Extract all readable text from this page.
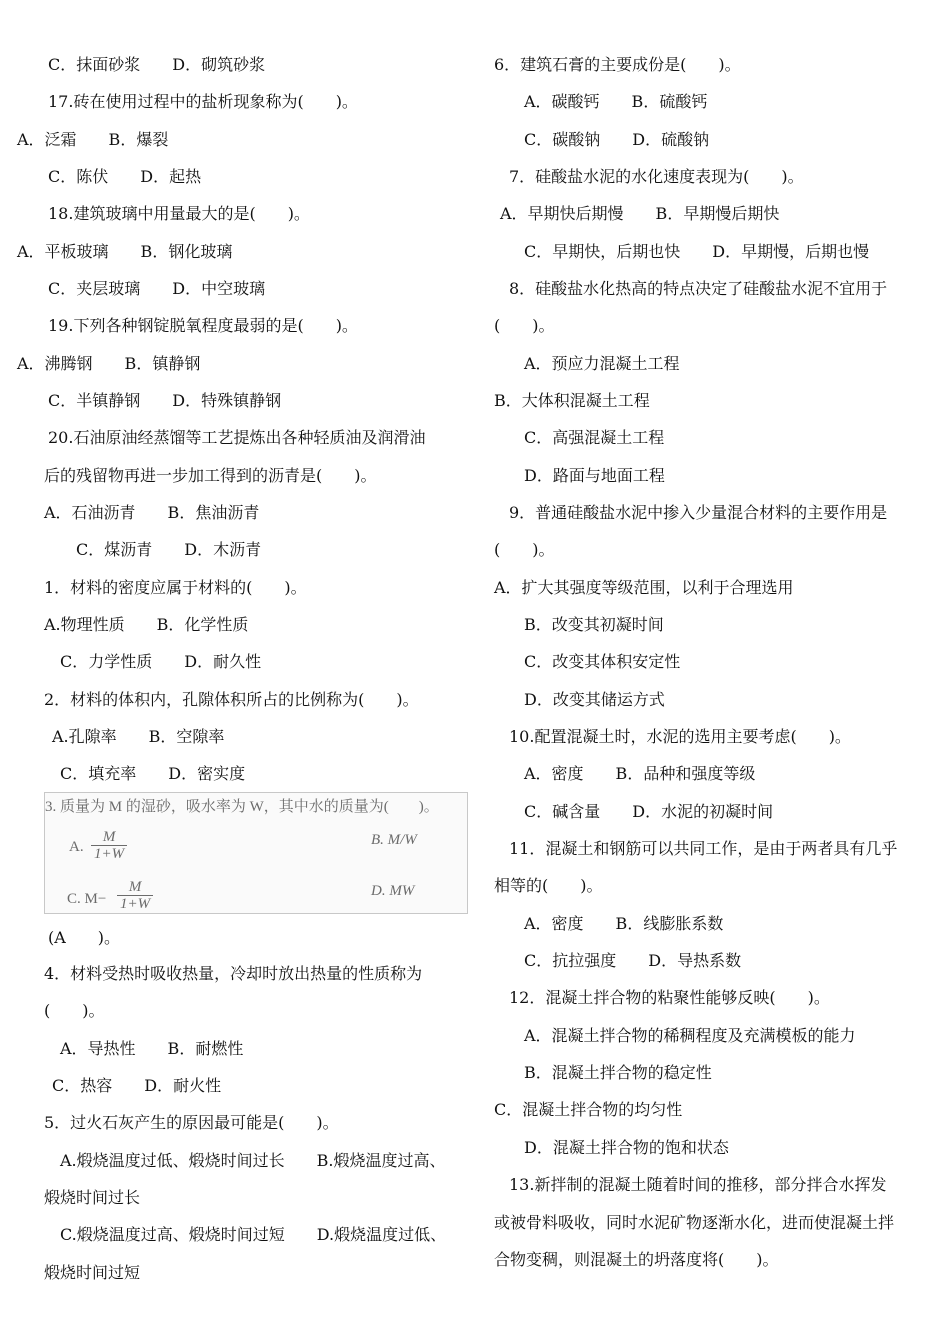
C．抹面砂浆　　D．砌筑砂浆
17.砖在使用过程中的盐析现象称为(　　)。
A．泛霜　　B．爆裂
C．陈伏　　D．起热
18.建筑玻璃中用量最大的是(　　)。
A．平板玻璃　　B．钢化玻璃
C．夹层玻璃　　D．中空玻璃
19.下列各种钢锭脱氧程度最弱的是(　　)。
A．沸腾钢　　B．镇静钢
C．半镇静钢　　D．特殊镇静钢
20.石油原油经蒸馏等工艺提炼出各种轻质油及润滑油
后的残留物再进一步加工得到的沥青是(　　)。
A．石油沥青　　B．焦油沥青
C．煤沥青　　D．木沥青
1．材料的密度应属于材料的(　　)。
A.物理性质　　B．化学性质
C．力学性质　　D．耐久性
2．材料的体积内，孔隙体积所占的比例称为(　　)。
A.孔隙率　　B．空隙率
C．填充率　　D．密实度
3. 质量为 M 的湿砂，吸水率为 W，其中水的质量为(　　)。
A. $\frac{M}{1+W}$	B. M/W
C. $M- \frac{M}{1+W}$	D. MW
(A　　)。
4．材料受热时吸收热量，冷却时放出热量的性质称为
(　　)。
A．导热性　　B．耐燃性
C．热容　　D．耐火性
5．过火石灰产生的原因最可能是(　　)。
A.煅烧温度过低、煅烧时间过长　　B.煅烧温度过高、
煅烧时间过长
C.煅烧温度过高、煅烧时间过短　　D.煅烧温度过低、
煅烧时间过短
6．建筑石膏的主要成份是(　　)。
A．碳酸钙　　B．硫酸钙
C．碳酸钠　　D．硫酸钠
7．硅酸盐水泥的水化速度表现为(　　)。
A．早期快后期慢　　B．早期慢后期快
C．早期快，后期也快　　D．早期慢，后期也慢
8．硅酸盐水化热高的特点决定了硅酸盐水泥不宜用于
(　　)。
A．预应力混凝土工程
B．大体积混凝土工程
C．高强混凝土工程
D．路面与地面工程
9．普通硅酸盐水泥中掺入少量混合材料的主要作用是
(　　)。
A．扩大其强度等级范围，以利于合理选用
B．改变其初凝时间
C．改变其体积安定性
D．改变其储运方式
10.配置混凝土时，水泥的选用主要考虑(　　)。
A．密度　　B．品种和强度等级
C．碱含量　　D．水泥的初凝时间
11．混凝土和钢筋可以共同工作，是由于两者具有几乎
相等的(　　)。
A．密度　　B．线膨胀系数
C．抗拉强度　　D．导热系数
12．混凝土拌合物的粘聚性能够反映(　　)。
A．混凝土拌合物的稀稠程度及充满模板的能力
B．混凝土拌合物的稳定性
C．混凝土拌合物的均匀性
D．混凝土拌合物的饱和状态
13.新拌制的混凝土随着时间的推移，部分拌合水挥发
或被骨料吸收，同时水泥矿物逐渐水化，进而使混凝土拌
合物变稠，则混凝土的坍落度将(　　)。
